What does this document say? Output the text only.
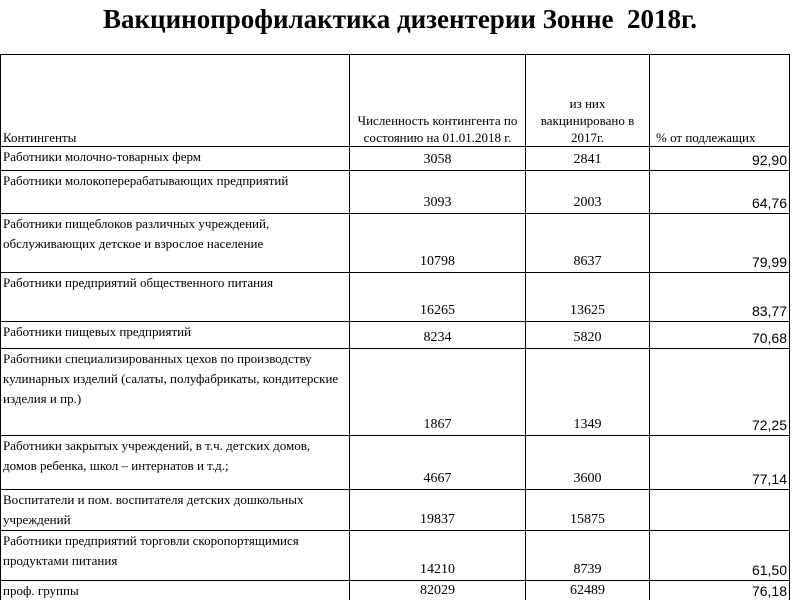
Вакцинопрофилактика дизентерии Зонне  2018г.
Контингенты	Численность контингента по состоянию на 01.01.2018 г.	из них вакцинировано в 2017г.	% от подлежащих
Работники молочно-товарных ферм	3058	2841	92,90
Работники молокоперерабатывающих предприятий	3093	2003	64,76
Работники пищеблоков различных учреждений, обслуживающих детское и взрослое население	10798	8637	79,99
Работники предприятий общественного питания	16265	13625	83,77
Работники пищевых предприятий	8234	5820	70,68
Работники специализированных цехов по производству кулинарных изделий (салаты, полуфабрикаты, кондитерские изделия и пр.)	1867	1349	72,25
Работники закрытых учреждений, в т.ч. детских домов, домов ребенка, школ – интернатов и т.д.;	4667	3600	77,14
Воспитатели и пом. воспитателя детских дошкольных учреждений	19837	15875	
Работники предприятий торговли скоропортящимися продуктами питания	14210	8739	61,50
проф. группы	82029	62489	76,18
